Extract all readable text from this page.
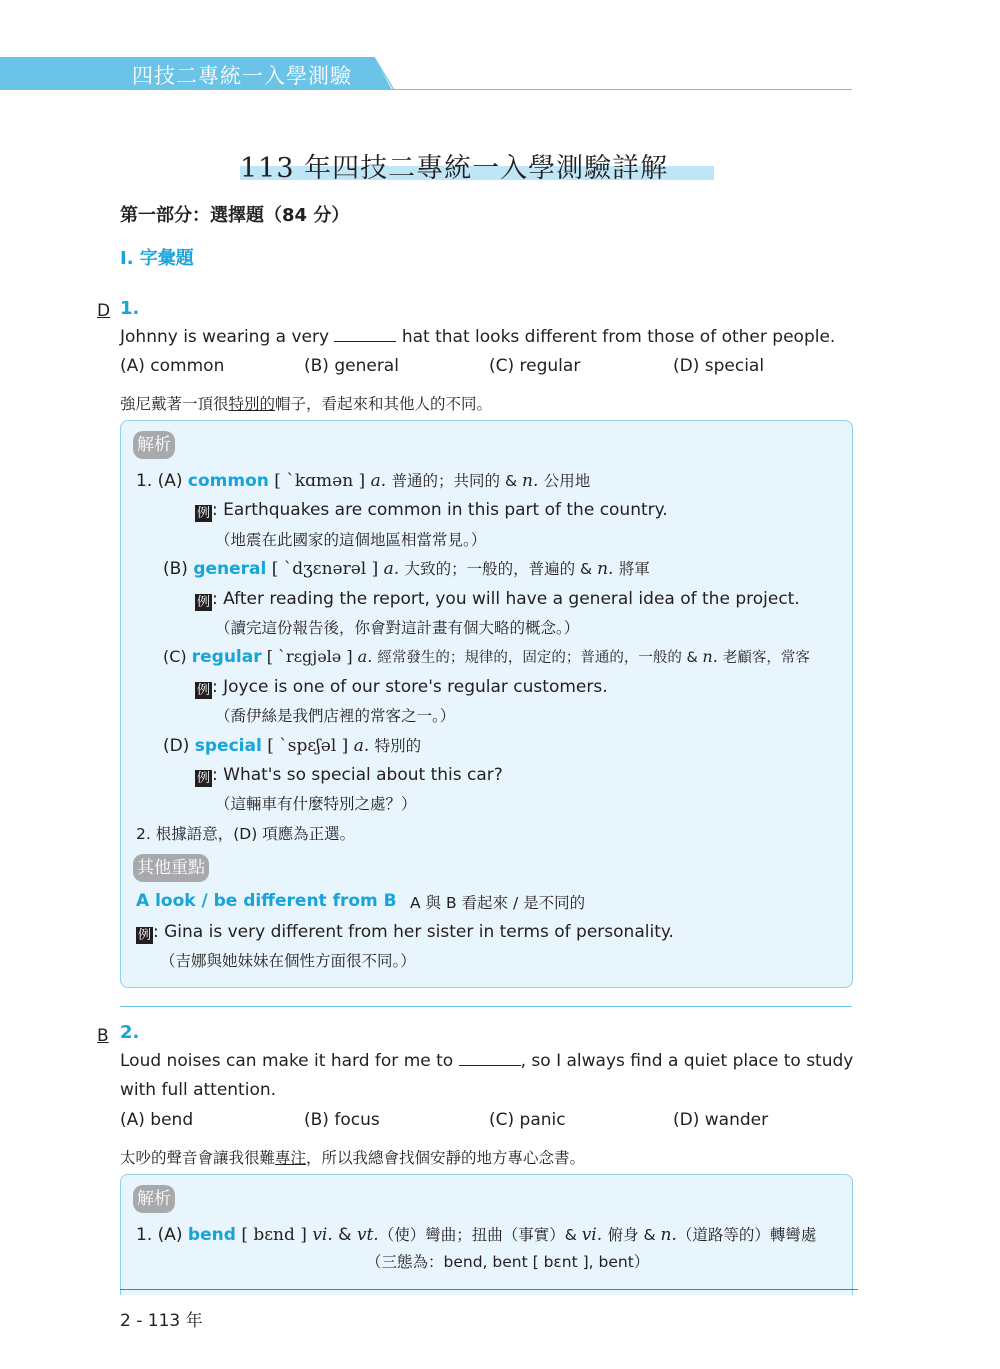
四技二專統一入學測驗
113 年四技二專統一入學測驗詳解
第一部分：選擇題（84 分）
I. 字彙題
D 1.
Johnny is wearing a very	hat that looks different from those of other people.
(A) common	(B) general	(C) regular	(D) special
強尼戴著一頂很特別的帽子，看起來和其他人的不同。
解析
1. (A) common [ ˋkɑmən ] a. 普通的；共同的 & n. 公用地
例 : Earthquakes are common in this part of the country.
（地震在此國家的這個地區相當常見。）
(B) general [ ˋdʒɛnərəl ] a. 大致的；一般的，普遍的 & n. 將軍
例 : After reading the report, you will have a general idea of the project.
（讀完這份報告後，你會對這計畫有個大略的概念。）
(C) regular [ ˋrɛgjələ ] a. 經常發生的；規律的，固定的；普通的，一般的 & n. 老顧客，常客
例 : Joyce is one of our store's regular customers.
（喬伊絲是我們店裡的常客之一。）
(D) special [ ˋspɛʃəl ] a. 特別的
例 : What's so special about this car?
（這輛車有什麼特別之處？）
2. 根據語意，(D) 項應為正選。
其他重點
A look / be different from B A 與 B 看起來 / 是不同的
例 : Gina is very different from her sister in terms of personality.
（吉娜與她妹妹在個性方面很不同。）
B 2.
Loud noises can make it hard for me to	, so I always find a quiet place to study
with full attention.
(A) bend	(B) focus	(C) panic	(D) wander
太吵的聲音會讓我很難專注，所以我總會找個安靜的地方專心念書。
解析
1. (A) bend [ bɛnd ] vi. & vt.（使）彎曲；扭曲（事實）& vi. 俯身 & n.（道路等的）轉彎處
（三態為：bend, bent [ bɛnt ], bent）
2 - 113 年
